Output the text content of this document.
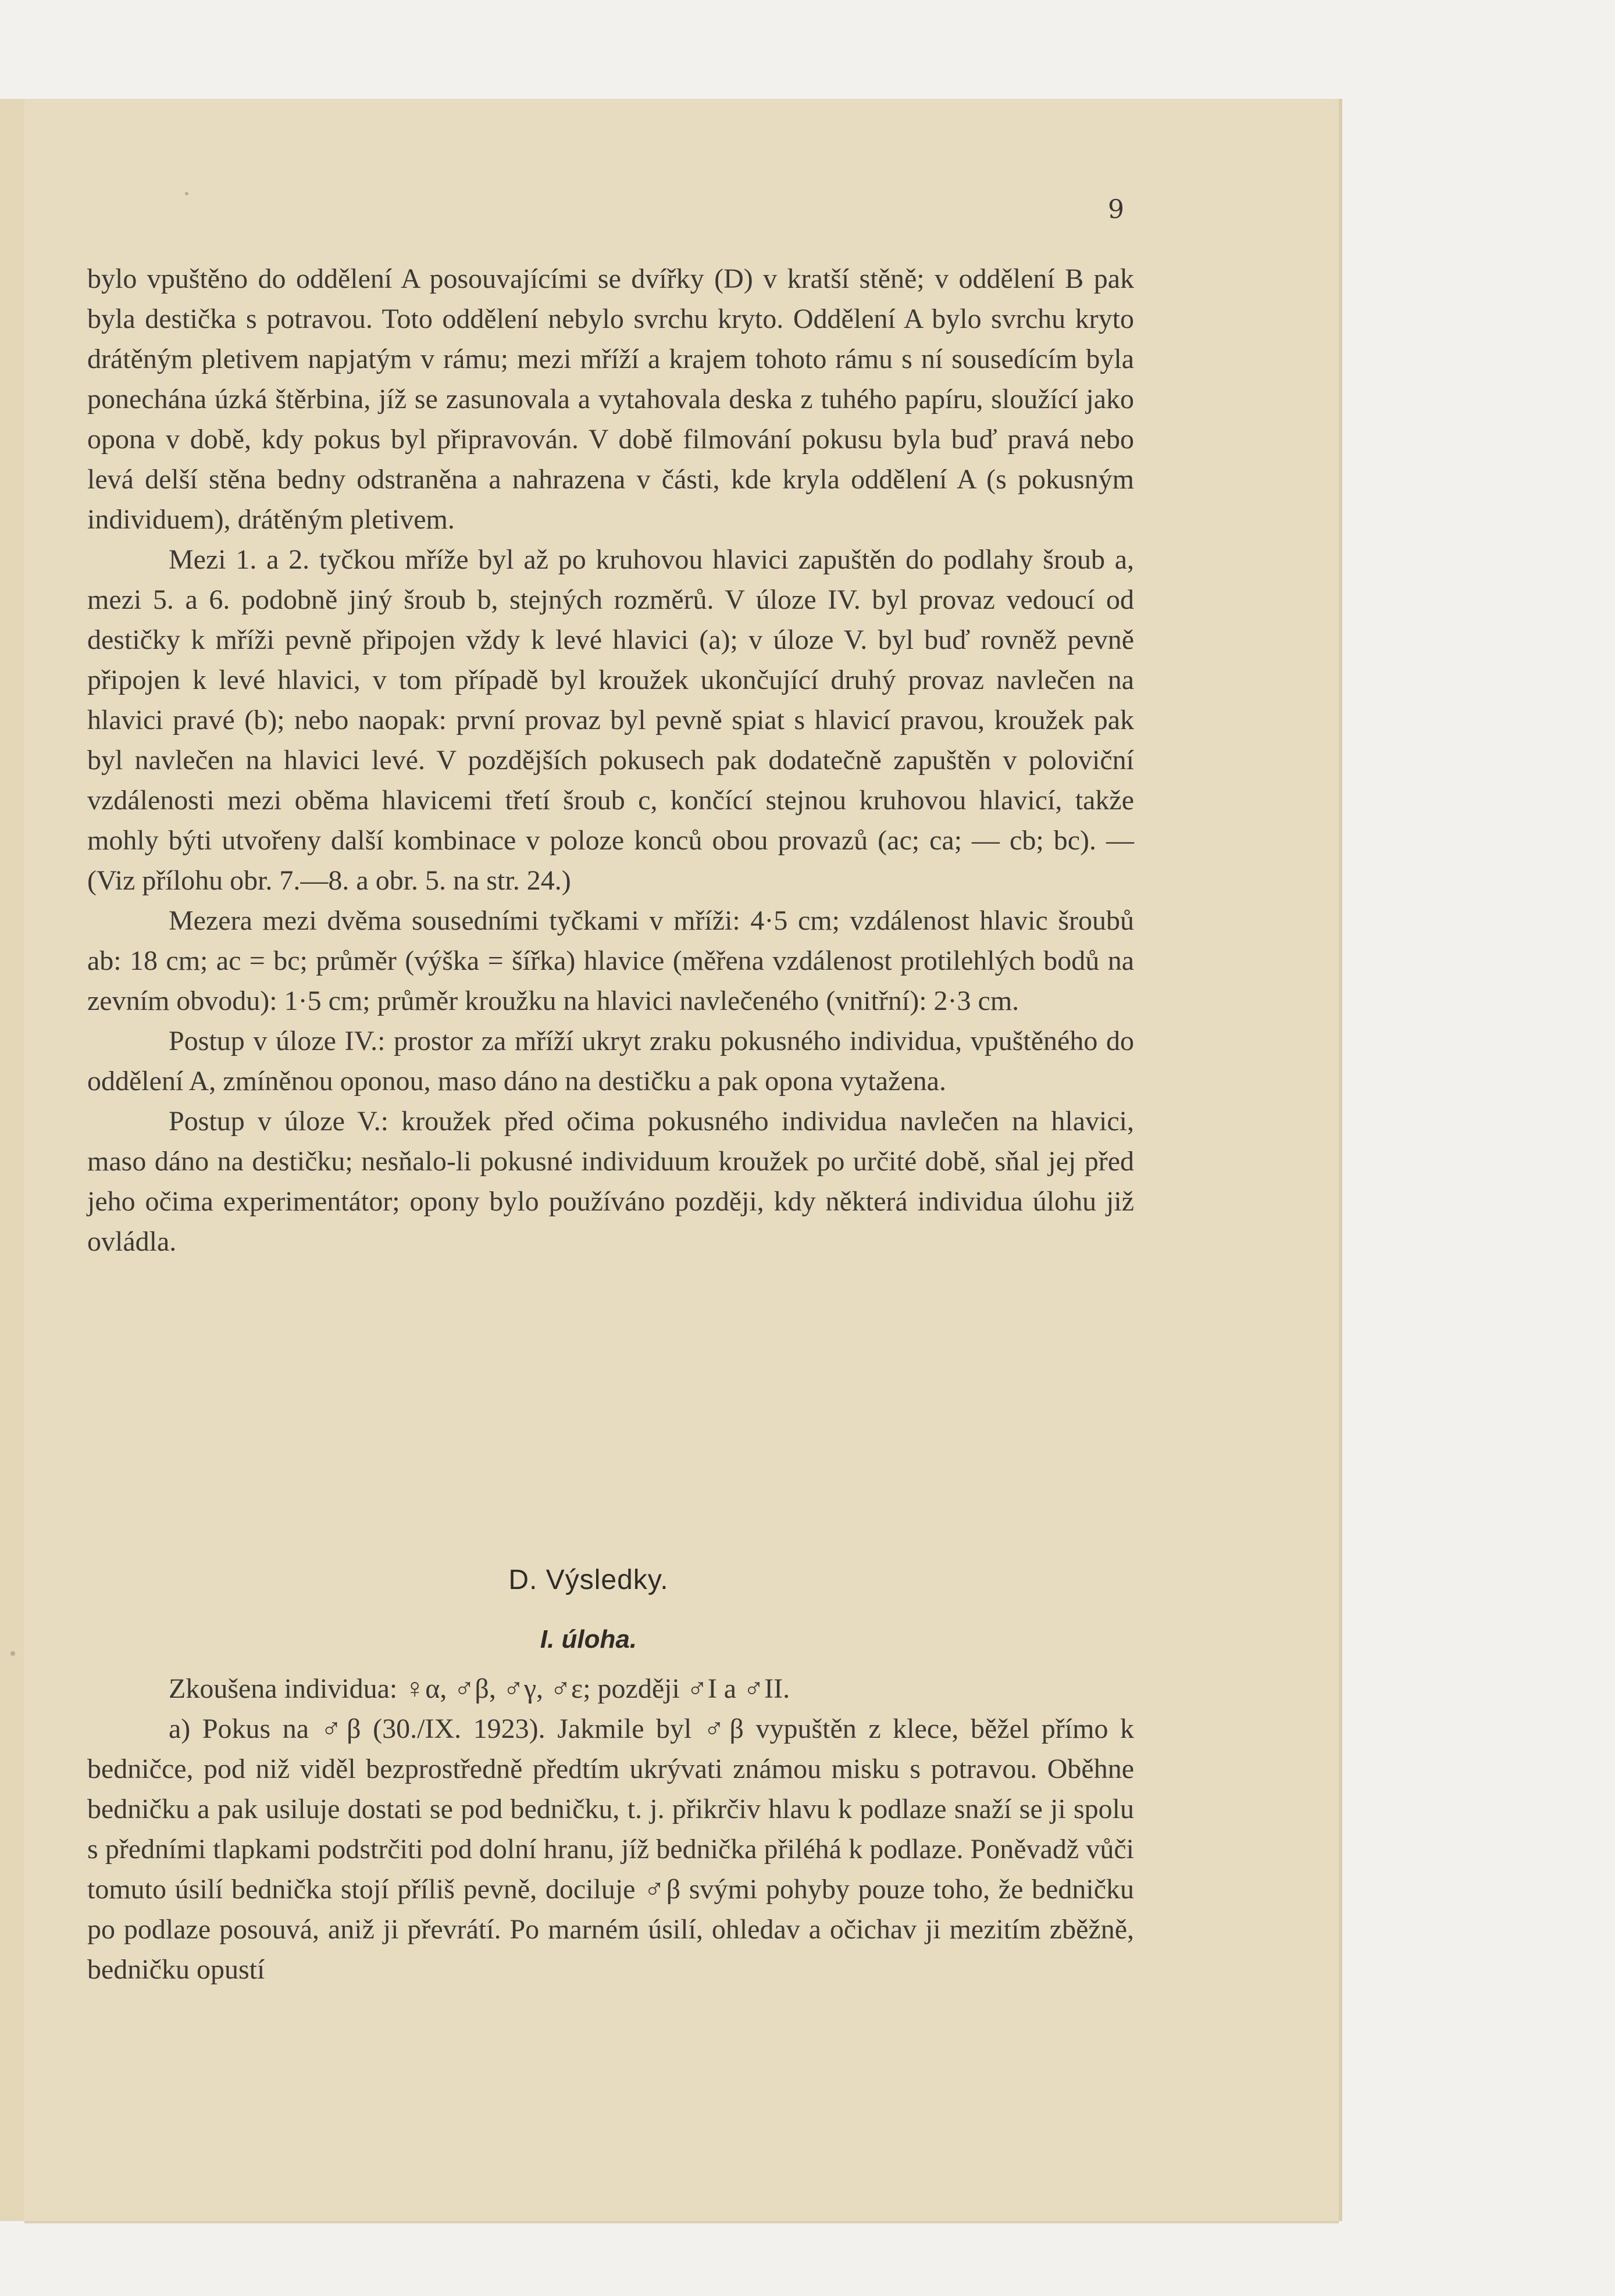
9

bylo vpuštěno do oddělení A posouvajícími se dvířky (D) v kratší stěně; v oddělení B pak byla destička s potravou. Toto oddělení nebylo svrchu kryto. Oddělení A bylo svrchu kryto drátěným pletivem napjatým v rámu; mezi mříží a krajem tohoto rámu s ní sousedícím byla ponechána úzká štěrbina, jíž se zasunovala a vytahovala deska z tuhého papíru, sloužící jako opona v době, kdy pokus byl připravován. V době filmování pokusu byla buď pravá nebo levá delší stěna bedny odstraněna a nahrazena v části, kde kryla oddělení A (s pokusným individuem), drátěným pletivem.

Mezi 1. a 2. tyčkou mříže byl až po kruhovou hlavici zapuštěn do podlahy šroub a, mezi 5. a 6. podobně jiný šroub b, stejných rozměrů. V úloze IV. byl provaz vedoucí od destičky k mříži pevně připojen vždy k levé hlavici (a); v úloze V. byl buď rovněž pevně připojen k levé hlavici, v tom případě byl kroužek ukončující druhý provaz navlečen na hlavici pravé (b); nebo naopak: první provaz byl pevně spiat s hlavicí pravou, kroužek pak byl navlečen na hlavici levé. V pozdějších pokusech pak dodatečně zapuštěn v poloviční vzdálenosti mezi oběma hlavicemi třetí šroub c, končící stejnou kruhovou hlavicí, takže mohly býti utvořeny další kombinace v poloze konců obou provazů (ac; ca; — cb; bc). — (Viz přílohu obr. 7.—8. a obr. 5. na str. 24.)

Mezera mezi dvěma sousedními tyčkami v mříži: 4·5 cm; vzdálenost hlavic šroubů ab: 18 cm; ac = bc; průměr (výška = šířka) hlavice (měřena vzdálenost protilehlých bodů na zevním obvodu): 1·5 cm; průměr kroužku na hlavici navlečeného (vnitřní): 2·3 cm.

Postup v úloze IV.: prostor za mříží ukryt zraku pokusného individua, vpuštěného do oddělení A, zmíněnou oponou, maso dáno na destičku a pak opona vytažena.

Postup v úloze V.: kroužek před očima pokusného individua navlečen na hlavici, maso dáno na destičku; nesňalo-li pokusné individuum kroužek po určité době, sňal jej před jeho očima experimentátor; opony bylo používáno později, kdy některá individua úlohu již ovládla.

D. Výsledky.
I. úloha.

Zkoušena individua: ♀α, ♂β, ♂γ, ♂ε; později ♂I a ♂II.

a) Pokus na ♂β (30./IX. 1923). Jakmile byl ♂β vypuštěn z klece, běžel přímo k bedničce, pod niž viděl bezprostředně předtím ukrývati známou misku s potravou. Oběhne bedničku a pak usiluje dostati se pod bedničku, t. j. přikrčiv hlavu k podlaze snaží se ji spolu s předními tlapkami podstrčiti pod dolní hranu, jíž bednička přiléhá k podlaze. Poněvadž vůči tomuto úsilí bednička stojí příliš pevně, dociluje ♂β svými pohyby pouze toho, že bedničku po podlaze posouvá, aniž ji převrátí. Po marném úsilí, ohledav a očichav ji mezitím zběžně, bedničku opustí
